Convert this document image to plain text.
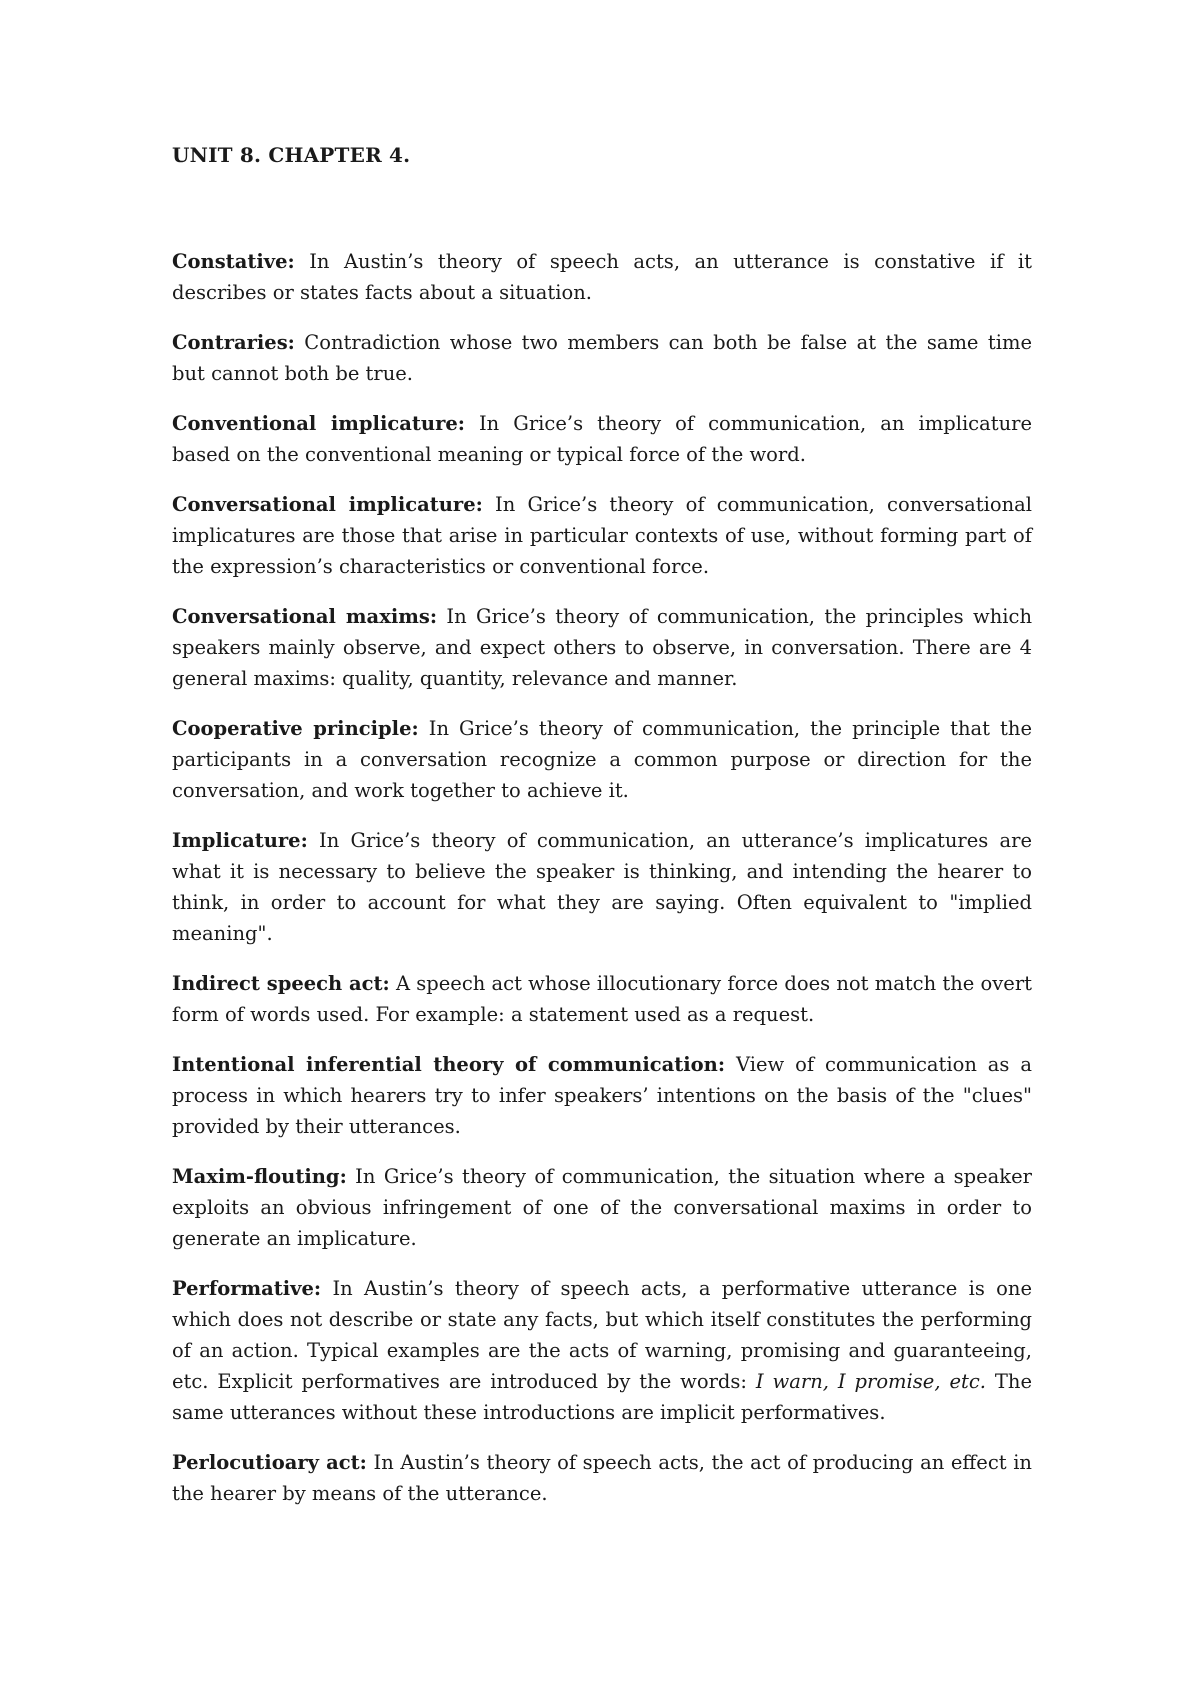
UNIT 8. CHAPTER 4.

Constative: In Austin’s theory of speech acts, an utterance is constative if it describes or states facts about a situation.

Contraries: Contradiction whose two members can both be false at the same time but cannot both be true.

Conventional implicature: In Grice’s theory of communication, an implicature based on the conventional meaning or typical force of the word.

Conversational implicature: In Grice’s theory of communication, conversational implicatures are those that arise in particular contexts of use, without forming part of the expression’s characteristics or conventional force.

Conversational maxims: In Grice’s theory of communication, the principles which speakers mainly observe, and expect others to observe, in conversation. There are 4 general maxims: quality, quantity, relevance and manner.

Cooperative principle: In Grice’s theory of communication, the principle that the participants in a conversation recognize a common purpose or direction for the conversation, and work together to achieve it.

Implicature: In Grice’s theory of communication, an utterance’s implicatures are what it is necessary to believe the speaker is thinking, and intending the hearer to think, in order to account for what they are saying. Often equivalent to "implied meaning".

Indirect speech act: A speech act whose illocutionary force does not match the overt form of words used. For example: a statement used as a request.

Intentional inferential theory of communication: View of communication as a process in which hearers try to infer speakers’ intentions on the basis of the "clues" provided by their utterances.

Maxim-flouting: In Grice’s theory of communication, the situation where a speaker exploits an obvious infringement of one of the conversational maxims in order to generate an implicature.

Performative: In Austin’s theory of speech acts, a performative utterance is one which does not describe or state any facts, but which itself constitutes the performing of an action. Typical examples are the acts of warning, promising and guaranteeing, etc. Explicit performatives are introduced by the words: I warn, I promise, etc. The same utterances without these introductions are implicit performatives.

Perlocutioary act: In Austin’s theory of speech acts, the act of producing an effect in the hearer by means of the utterance.
